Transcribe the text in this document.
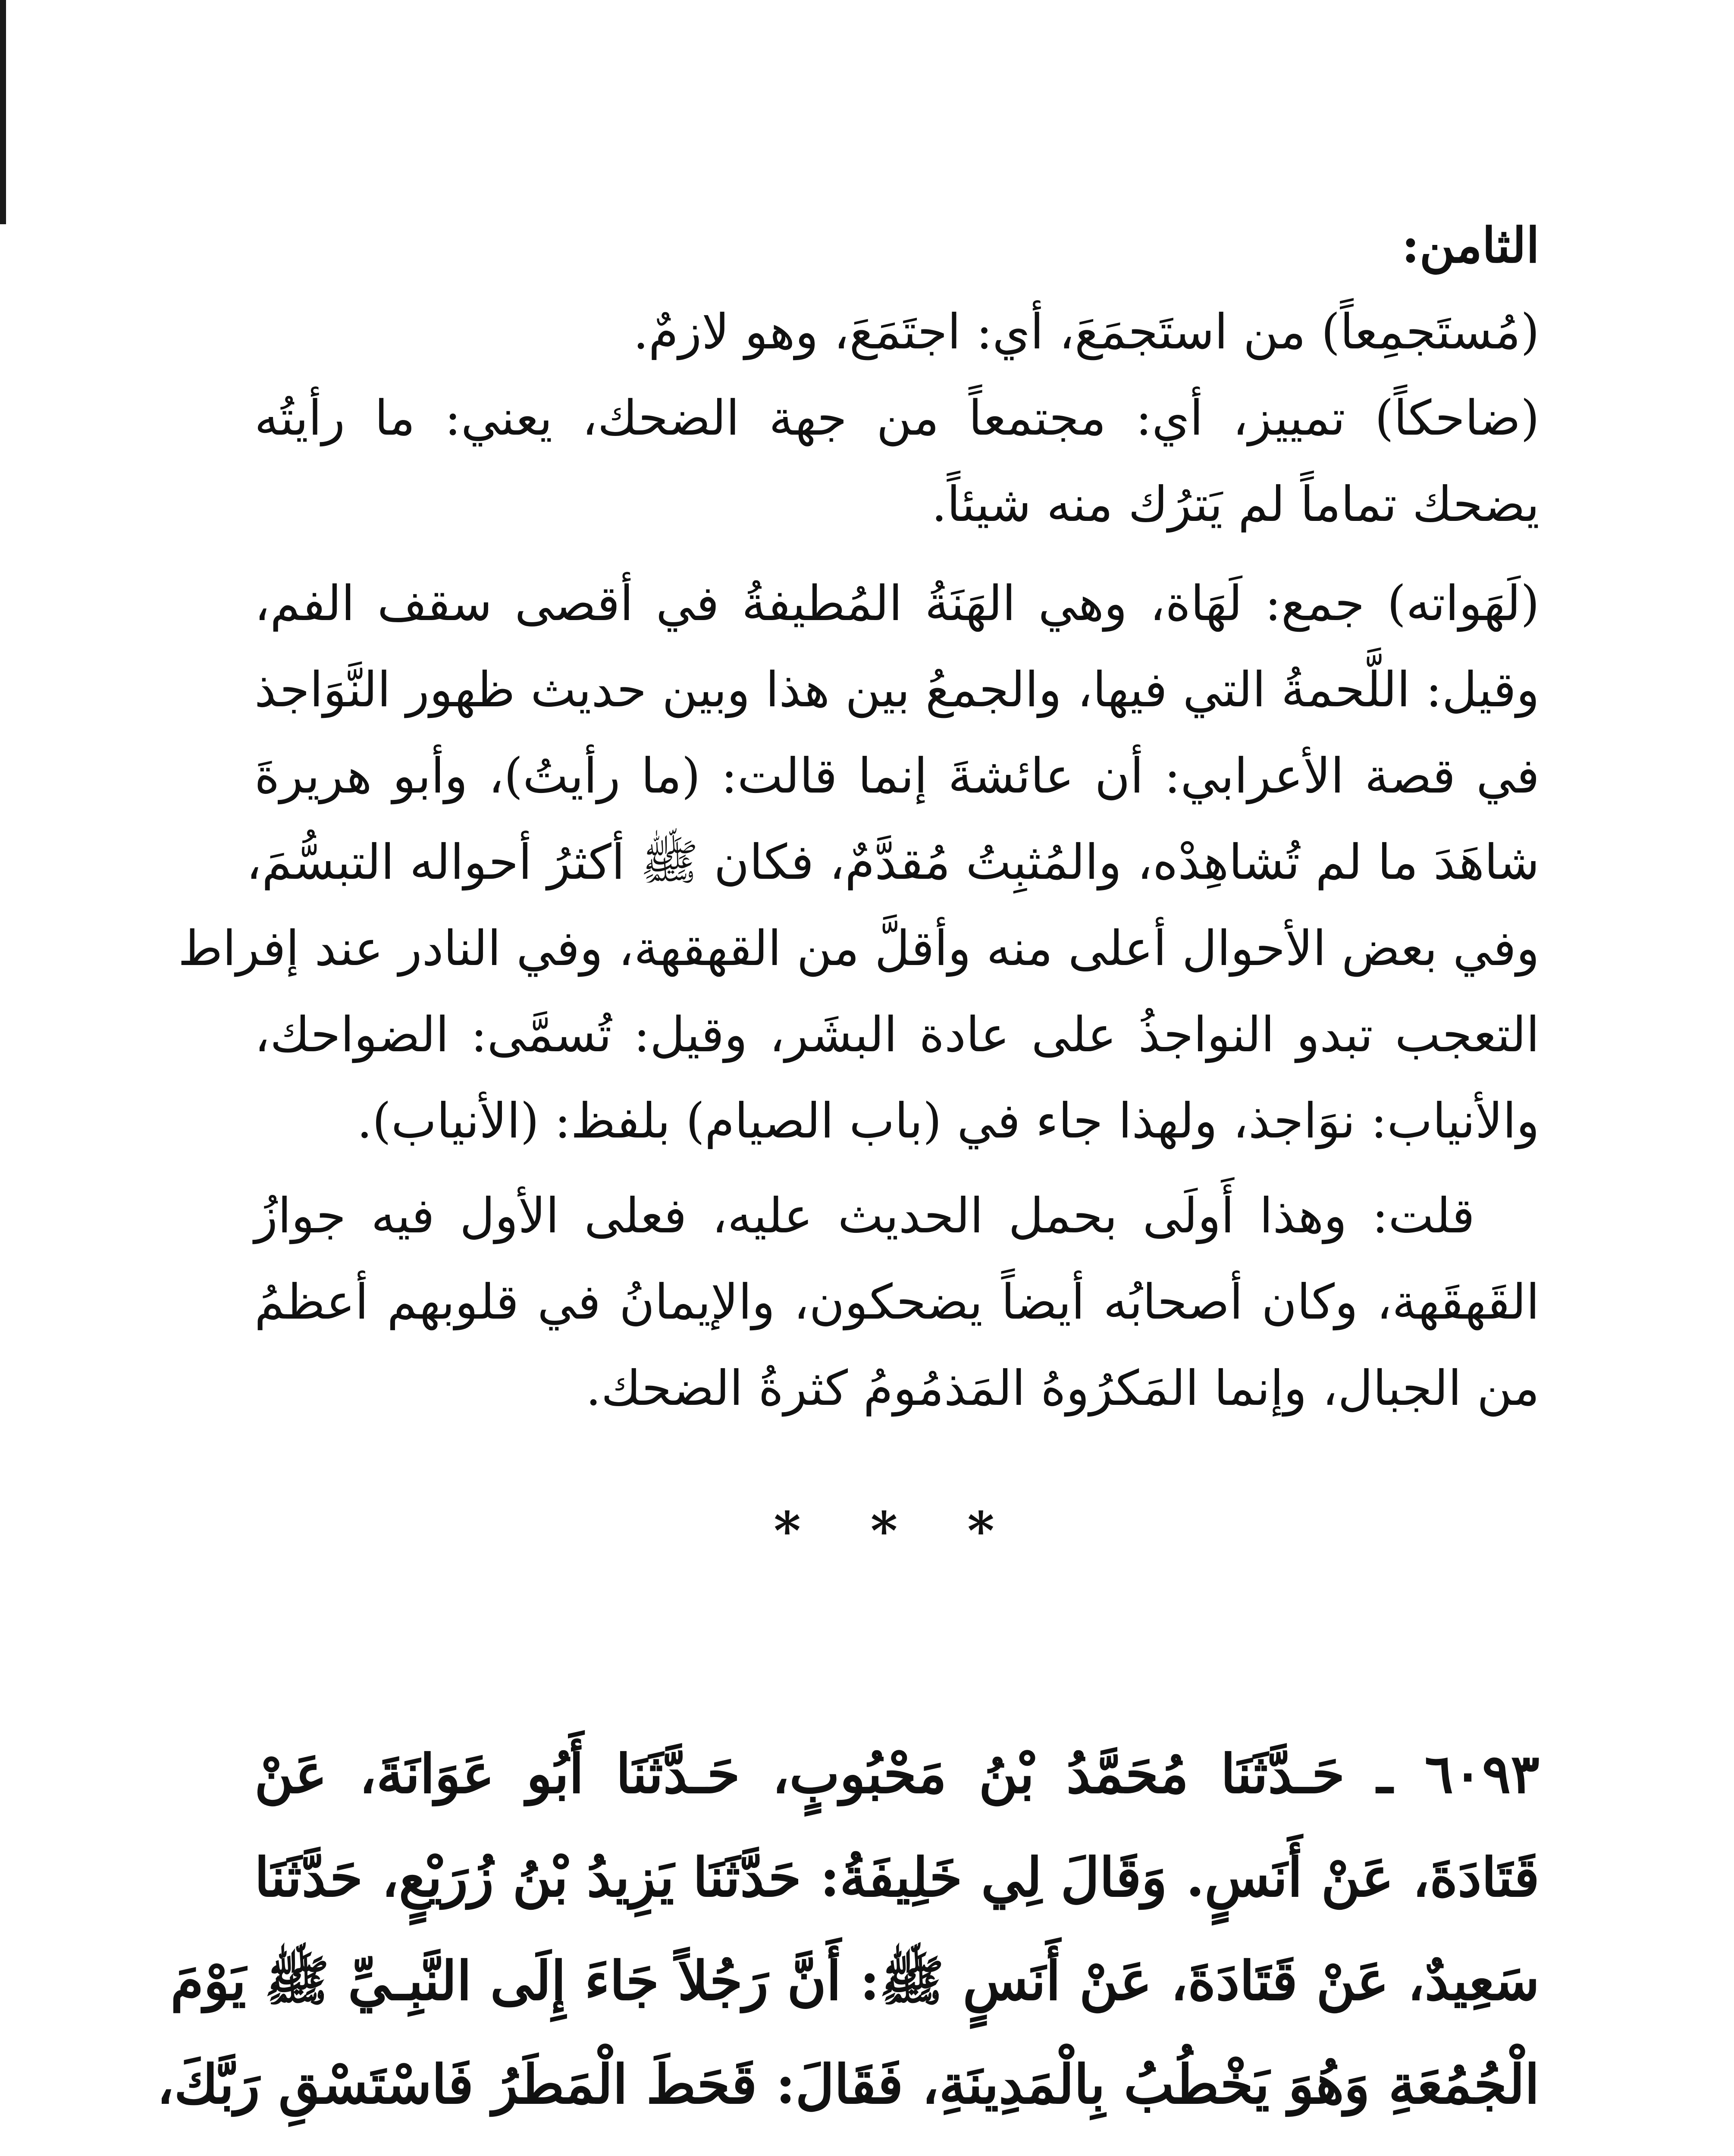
الثامن:
(مُستَجمِعاً) من استَجمَعَ، أي: اجتَمَعَ، وهو لازمٌ.
(ضاحكاً) تمييز، أي: مجتمعاً من جهة الضحك، يعني: ما رأيتُه
يضحك تماماً لم يَترُك منه شيئاً.
(لَهَواته) جمع: لَهَاة، وهي الهَنَةُ المُطيفةُ في أقصى سقف الفم،
وقيل: اللَّحمةُ التي فيها، والجمعُ بين هذا وبين حديث ظهور النَّوَاجذ
في قصة الأعرابي: أن عائشةَ إنما قالت: (ما رأيتُ)، وأبو هريرةَ
شاهَدَ ما لم تُشاهِدْه، والمُثبِتُ مُقدَّمٌ، فكان ﷺ أكثرُ أحواله التبسُّمَ،
وفي بعض الأحوال أعلى منه وأقلَّ من القهقهة، وفي النادر عند إفراط
التعجب تبدو النواجذُ على عادة البشَر، وقيل: تُسمَّى: الضواحك،
والأنياب: نوَاجذ، ولهذا جاء في (باب الصيام) بلفظ: (الأنياب).
قلت: وهذا أَولَى بحمل الحديث عليه، فعلى الأول فيه جوازُ
القَهقَهة، وكان أصحابُه أيضاً يضحكون، والإيمانُ في قلوبهم أعظمُ
من الجبال، وإنما المَكرُوهُ المَذمُومُ كثرةُ الضحك.
* * *
٦٠٩٣ ـ حَـدَّثَنَا مُحَمَّدُ بْنُ مَحْبُوبٍ، حَـدَّثَنَا أَبُو عَوَانَةَ، عَنْ
قَتَادَةَ، عَنْ أَنَسٍ. وَقَالَ لِي خَلِيفَةُ: حَدَّثَنَا يَزِيدُ بْنُ زُرَيْعٍ، حَدَّثَنَا
سَعِيدٌ، عَنْ قَتَادَةَ، عَنْ أَنَسٍ ﷺ: أَنَّ رَجُلاً جَاءَ إِلَى النَّبِـيِّ ﷺ يَوْمَ
الْجُمُعَةِ وَهُوَ يَخْطُبُ بِالْمَدِينَةِ، فَقَالَ: قَحَطَ الْمَطَرُ فَاسْتَسْقِ رَبَّكَ،
